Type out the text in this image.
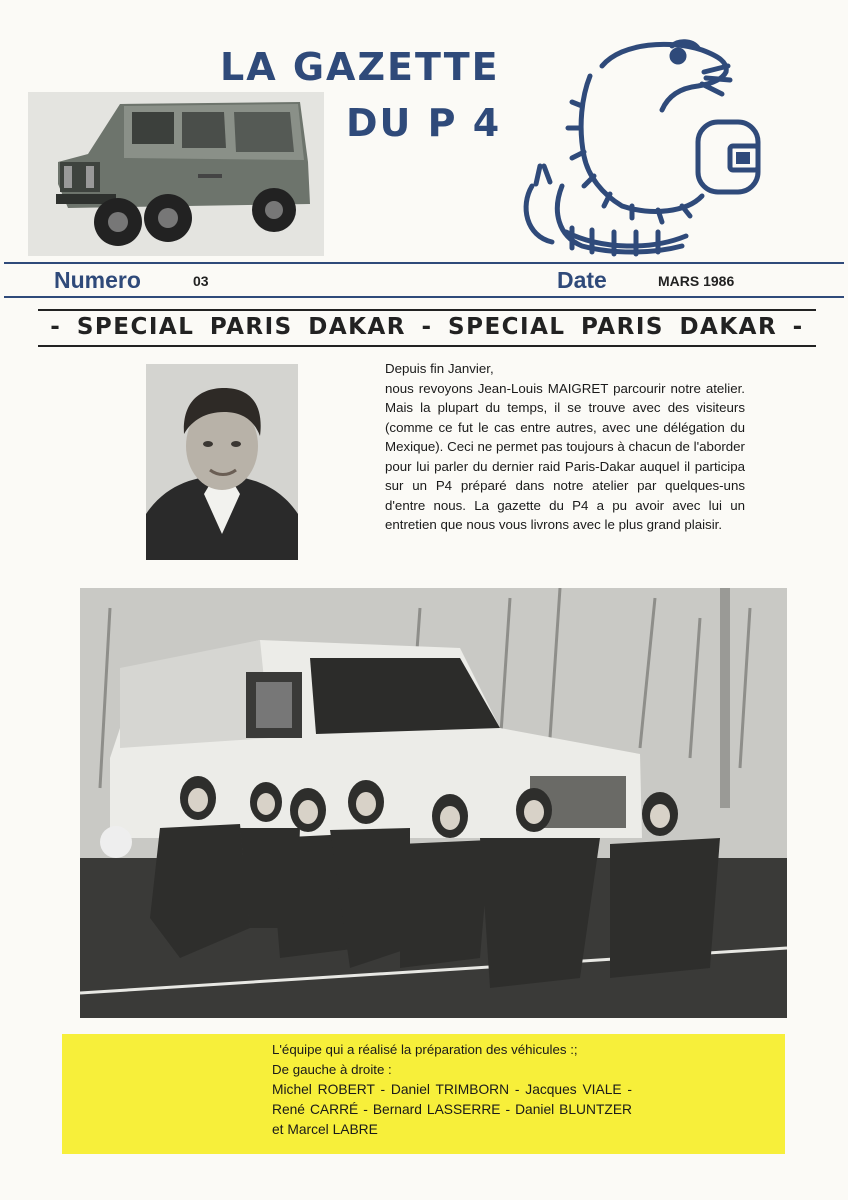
LA GAZETTE
DU P 4
Numero	03	Date	MARS 1986
- SPECIAL PARIS DAKAR - SPECIAL PARIS DAKAR -

Depuis fin Janvier,

nous revoyons Jean-Louis MAIGRET parcourir notre atelier. Mais la plupart du temps, il se trouve avec des visiteurs (comme ce fut le cas entre autres, avec une délégation du Mexique). Ceci ne permet pas toujours à chacun de l'aborder pour lui parler du dernier raid Paris-Dakar auquel il participa sur un P4 préparé dans notre atelier par quelques-uns d'entre nous. La gazette du P4 a pu avoir avec lui un entretien que nous vous livrons avec le plus grand plaisir.

L'équipe qui a réalisé la préparation des véhicules :;

De gauche à droite :

Michel ROBERT - Daniel TRIMBORN - Jacques VIALE - René CARRÉ - Bernard LASSERRE - Daniel BLUNTZER et Marcel LABRE
